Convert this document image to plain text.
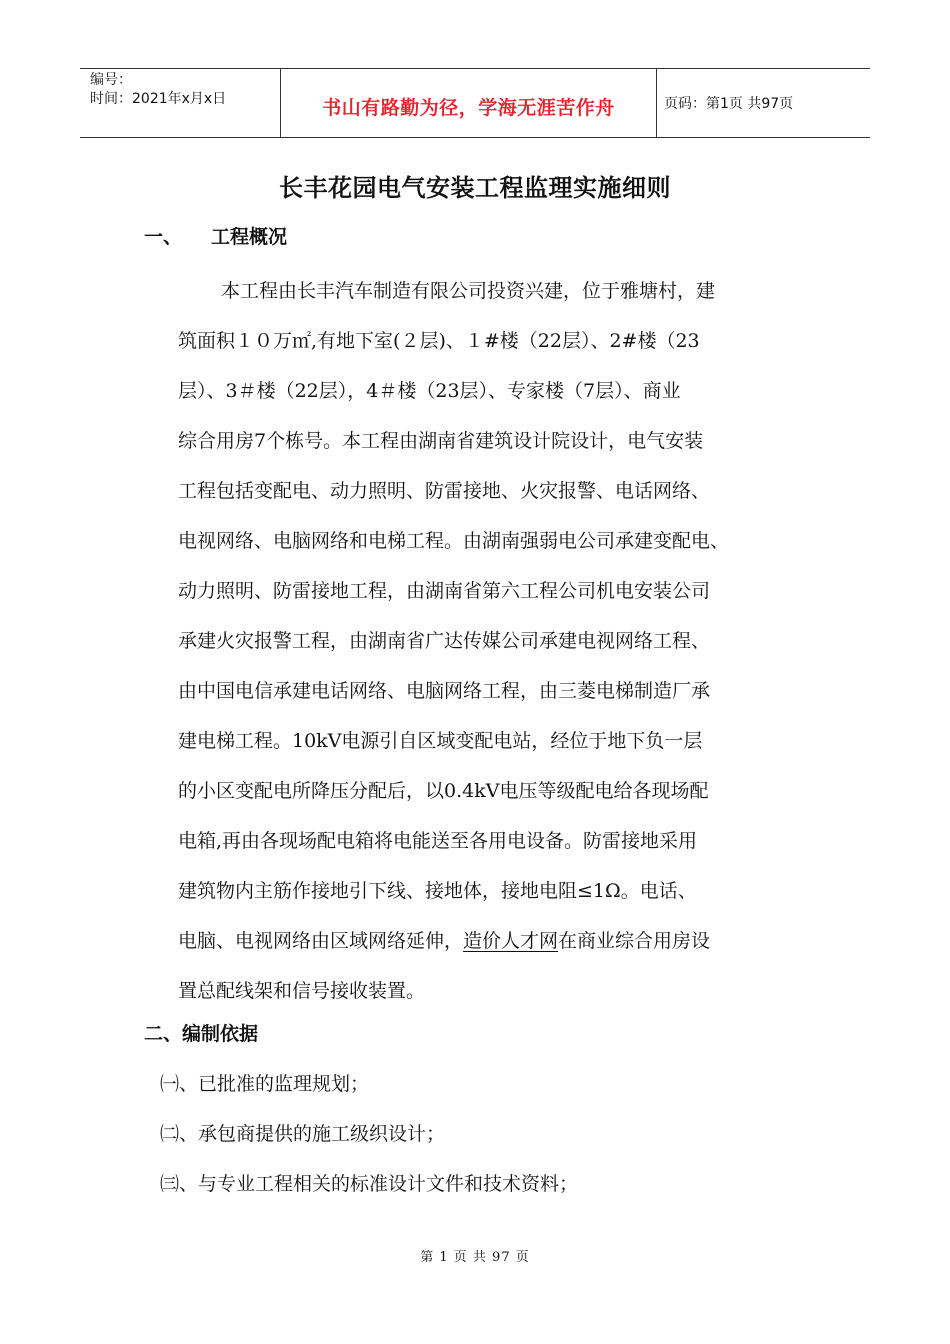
编号：
时间：2021年x月x日	书山有路勤为径，学海无涯苦作舟	页码：第1页 共97页
长丰花园电气安装工程监理实施细则
一、 工程概况
本工程由长丰汽车制造有限公司投资兴建，位于雅塘村，建
筑面积１０万㎡,有地下室(２层)、１#楼（22层）、2#楼（23
层）、3＃楼（22层），4＃楼（23层）、专家楼（7层）、商业
综合用房7个栋号。本工程由湖南省建筑设计院设计，电气安装
工程包括变配电、动力照明、防雷接地、火灾报警、电话网络、
电视网络、电脑网络和电梯工程。由湖南强弱电公司承建变配电、
动力照明、防雷接地工程，由湖南省第六工程公司机电安装公司
承建火灾报警工程，由湖南省广达传媒公司承建电视网络工程、
由中国电信承建电话网络、电脑网络工程，由三菱电梯制造厂承
建电梯工程。10kV电源引自区域变配电站，经位于地下负一层
的小区变配电所降压分配后，以0.4kV电压等级配电给各现场配
电箱,再由各现场配电箱将电能送至各用电设备。防雷接地采用
建筑物内主筋作接地引下线、接地体，接地电阻≤1Ω。电话、
电脑、电视网络由区域网络延伸，造价人才网在商业综合用房设
置总配线架和信号接收装置。
二、编制依据
㈠、已批准的监理规划；
㈡、承包商提供的施工级织设计；
㈢、与专业工程相关的标准设计文件和技术资料；
第 1 页 共 97 页
